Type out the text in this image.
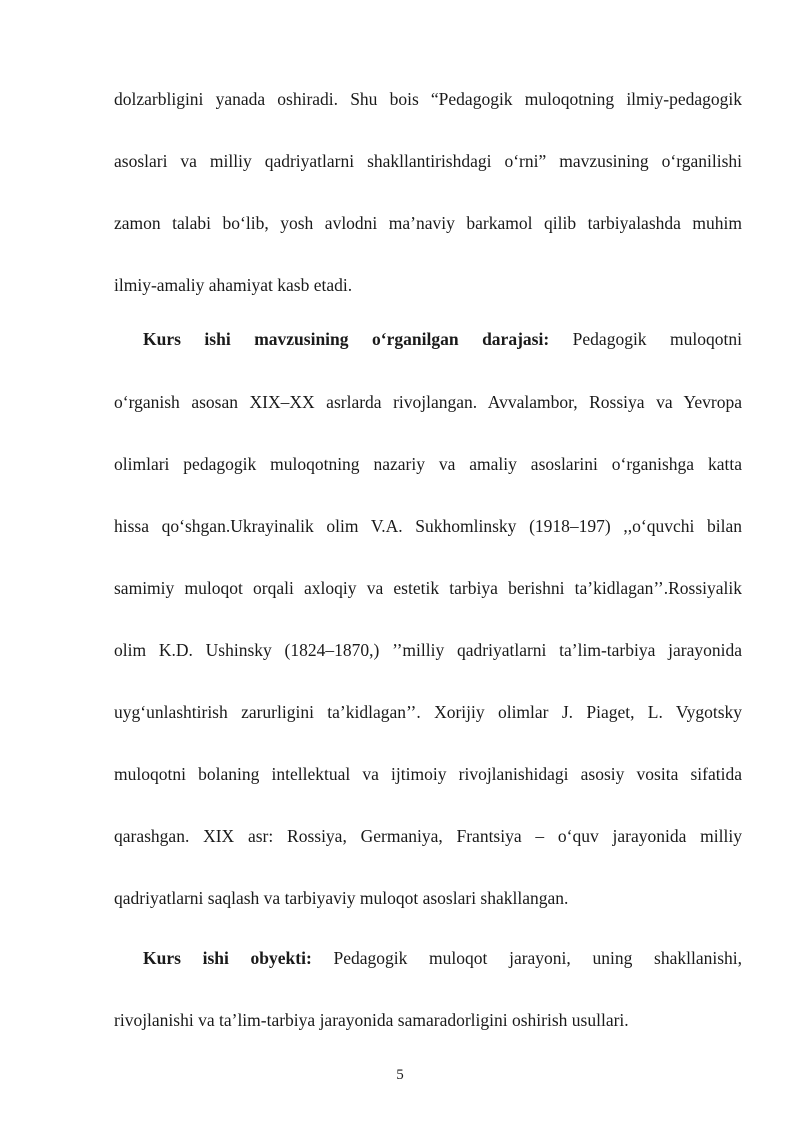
dolzarbligini yanada oshiradi. Shu bois “Pedagogik muloqotning ilmiy-pedagogik
asoslari va milliy qadriyatlarni shakllantirishdagi oʻrni” mavzusining oʻrganilishi
zamon talabi boʻlib, yosh avlodni maʼnaviy barkamol qilib tarbiyalashda muhim
ilmiy-amaliy ahamiyat kasb etadi.
Kurs ishi mavzusining oʻrganilgan darajasi: Pedagogik muloqotni
oʻrganish asosan XIX–XX asrlarda rivojlangan. Avvalambor, Rossiya va Yevropa
olimlari pedagogik muloqotning nazariy va amaliy asoslarini oʻrganishga katta
hissa qoʻshgan.Ukrayinalik olim V.A. Sukhomlinsky (1918–197) ,,oʻquvchi bilan
samimiy muloqot orqali axloqiy va estetik tarbiya berishni taʼkidlagan’’.Rossiyalik
olim K.D. Ushinsky (1824–1870,) ’’milliy qadriyatlarni taʼlim-tarbiya jarayonida
uygʻunlashtirish zarurligini taʼkidlagan’’. Xorijiy olimlar J. Piaget, L. Vygotsky
muloqotni bolaning intellektual va ijtimoiy rivojlanishidagi asosiy vosita sifatida
qarashgan. XIX asr: Rossiya, Germaniya, Frantsiya – oʻquv jarayonida milliy
qadriyatlarni saqlash va tarbiyaviy muloqot asoslari shakllangan.
Kurs ishi obyekti: Pedagogik muloqot jarayoni, uning shakllanishi,
rivojlanishi va taʼlim-tarbiya jarayonida samaradorligini oshirish usullari.
5
